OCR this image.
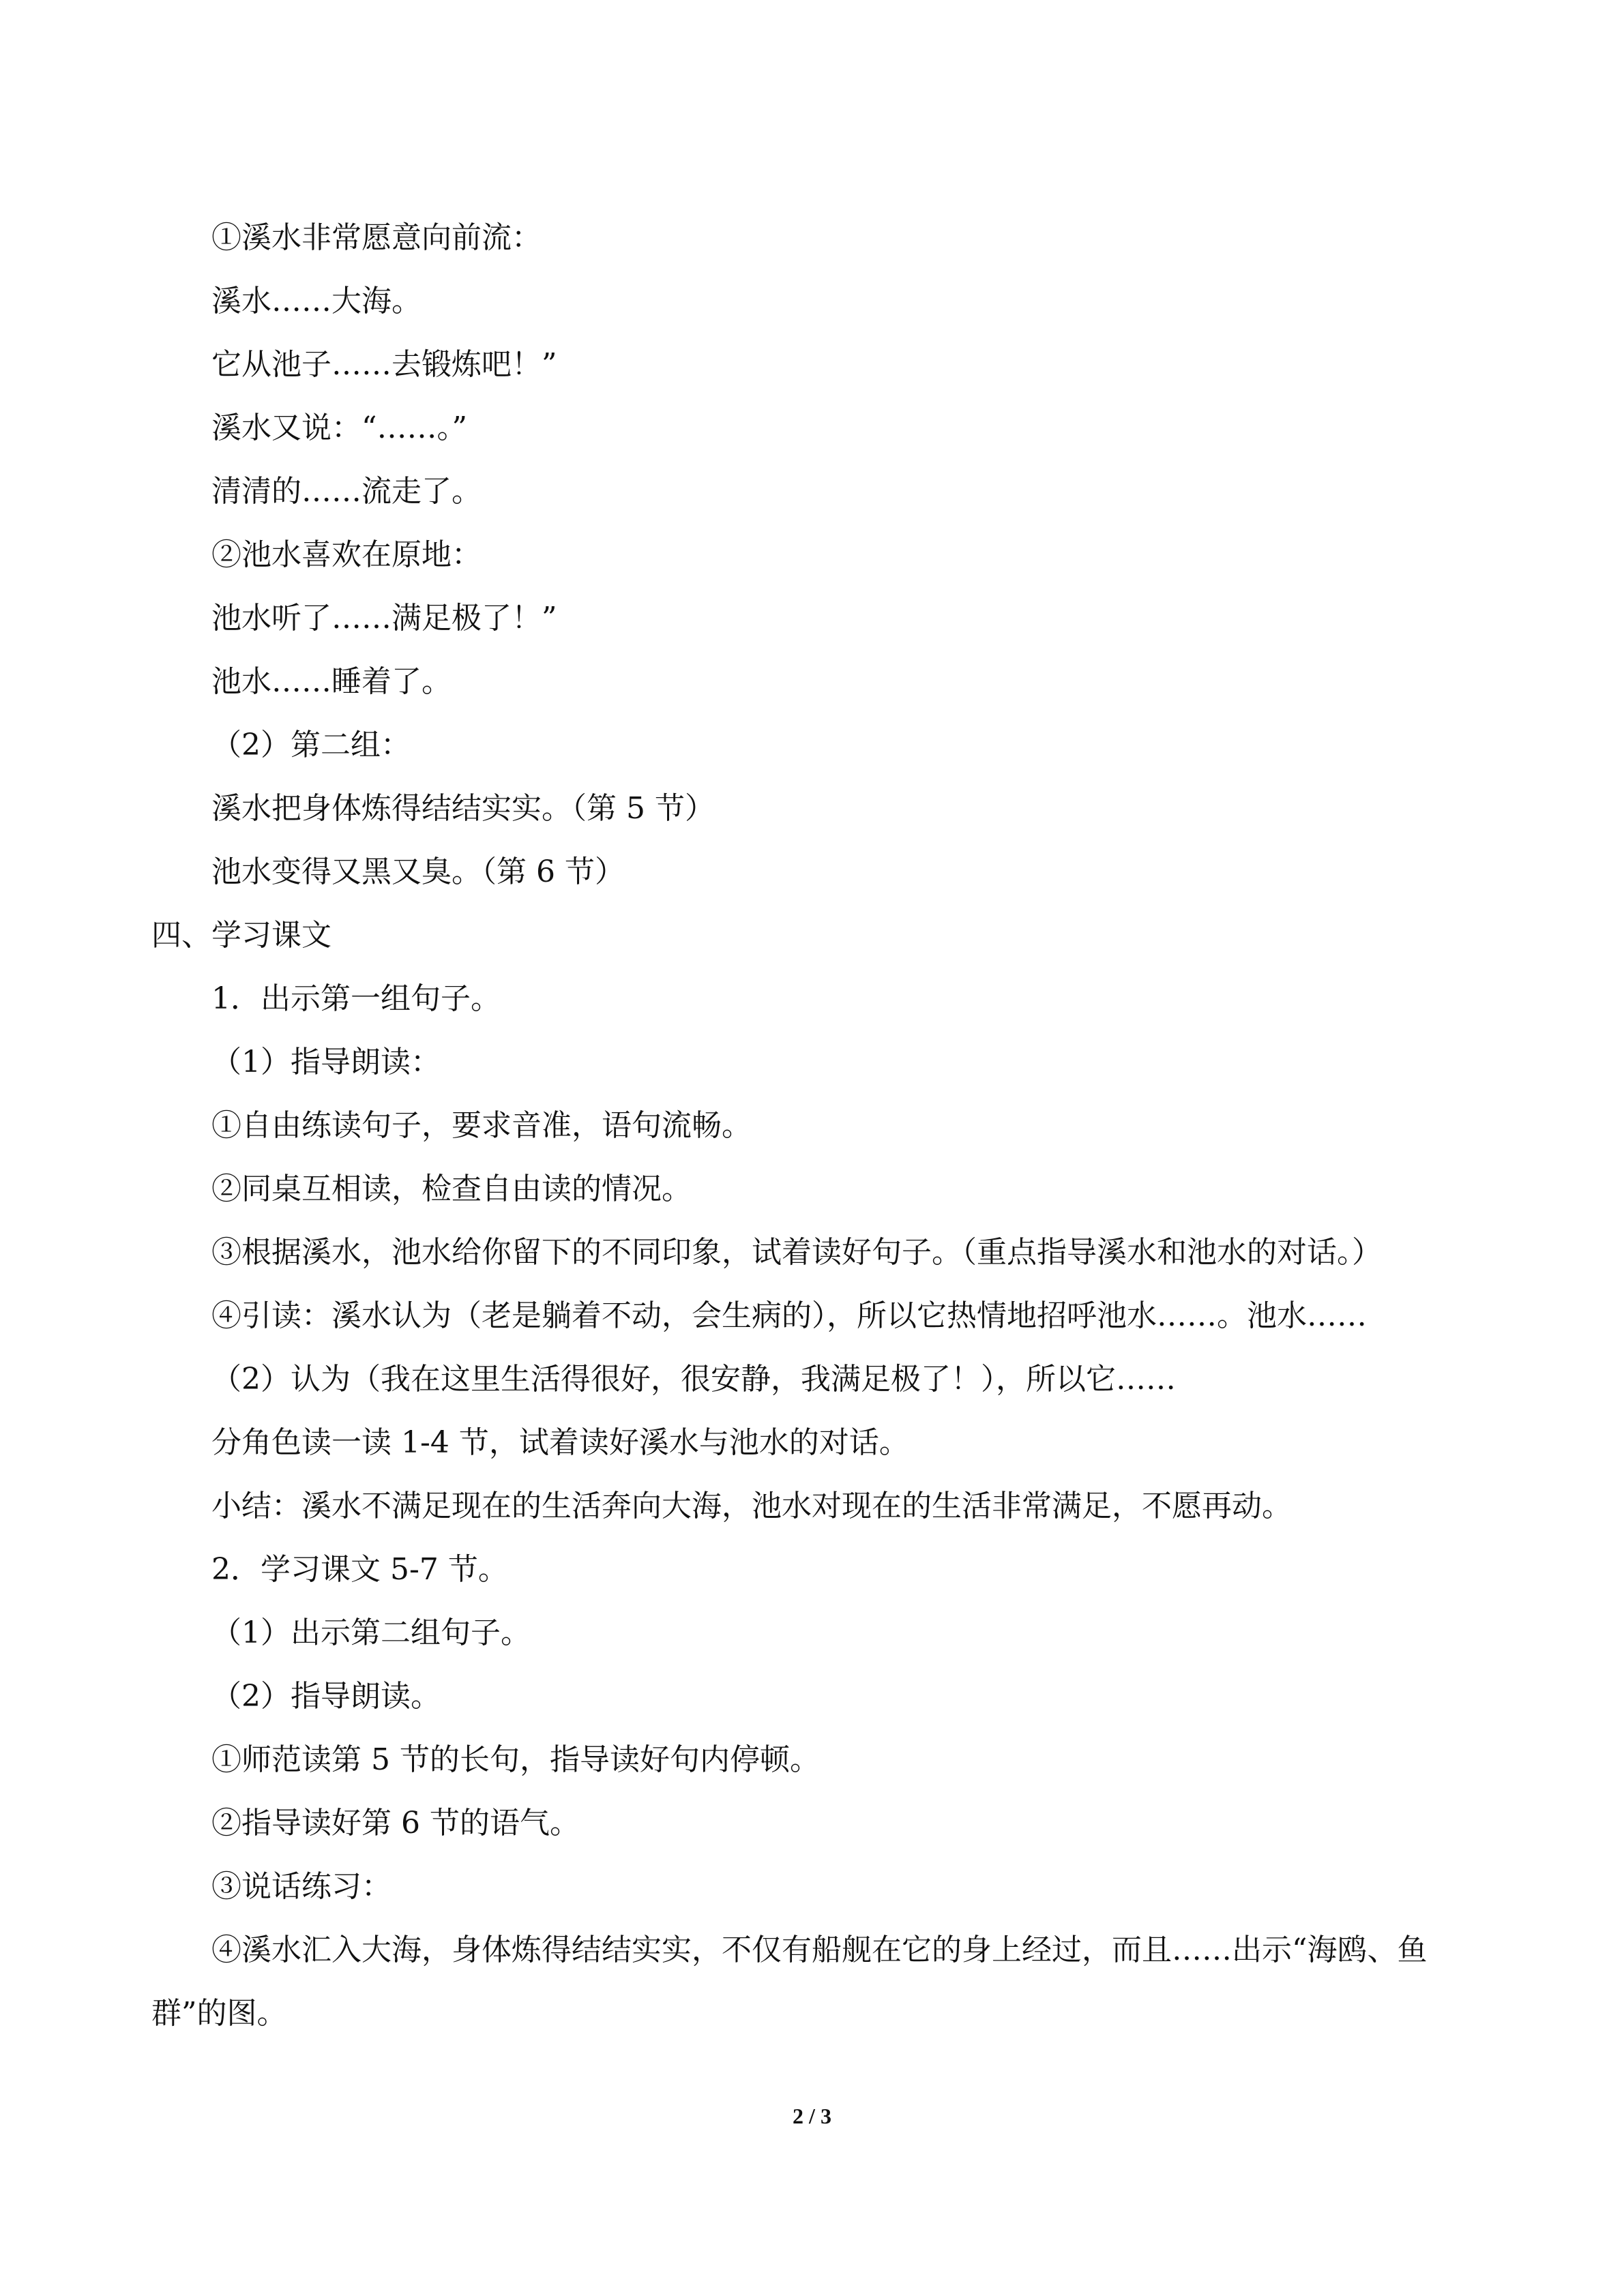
①溪水非常愿意向前流：

溪水……大海。

它从池子……去锻炼吧！”

溪水又说：“……。”

清清的……流走了。

②池水喜欢在原地：

池水听了……满足极了！”

池水……睡着了。

（2）第二组：

溪水把身体炼得结结实实。（第 5 节）

池水变得又黑又臭。（第 6 节）

四、学习课文

1．出示第一组句子。

（1）指导朗读：

①自由练读句子，要求音准，语句流畅。

②同桌互相读，检查自由读的情况。

③根据溪水，池水给你留下的不同印象，试着读好句子。（重点指导溪水和池水的对话。）

④引读：溪水认为（老是躺着不动，会生病的），所以它热情地招呼池水……。池水……

（2）认为（我在这里生活得很好，很安静，我满足极了！），所以它……

分角色读一读 1-4 节，试着读好溪水与池水的对话。

小结：溪水不满足现在的生活奔向大海，池水对现在的生活非常满足，不愿再动。

2．学习课文 5-7 节。

（1）出示第二组句子。

（2）指导朗读。

①师范读第 5 节的长句，指导读好句内停顿。

②指导读好第 6 节的语气。

③说话练习：

④溪水汇入大海，身体炼得结结实实，不仅有船舰在它的身上经过，而且……出示“海鸥、鱼群”的图。

2 / 3
